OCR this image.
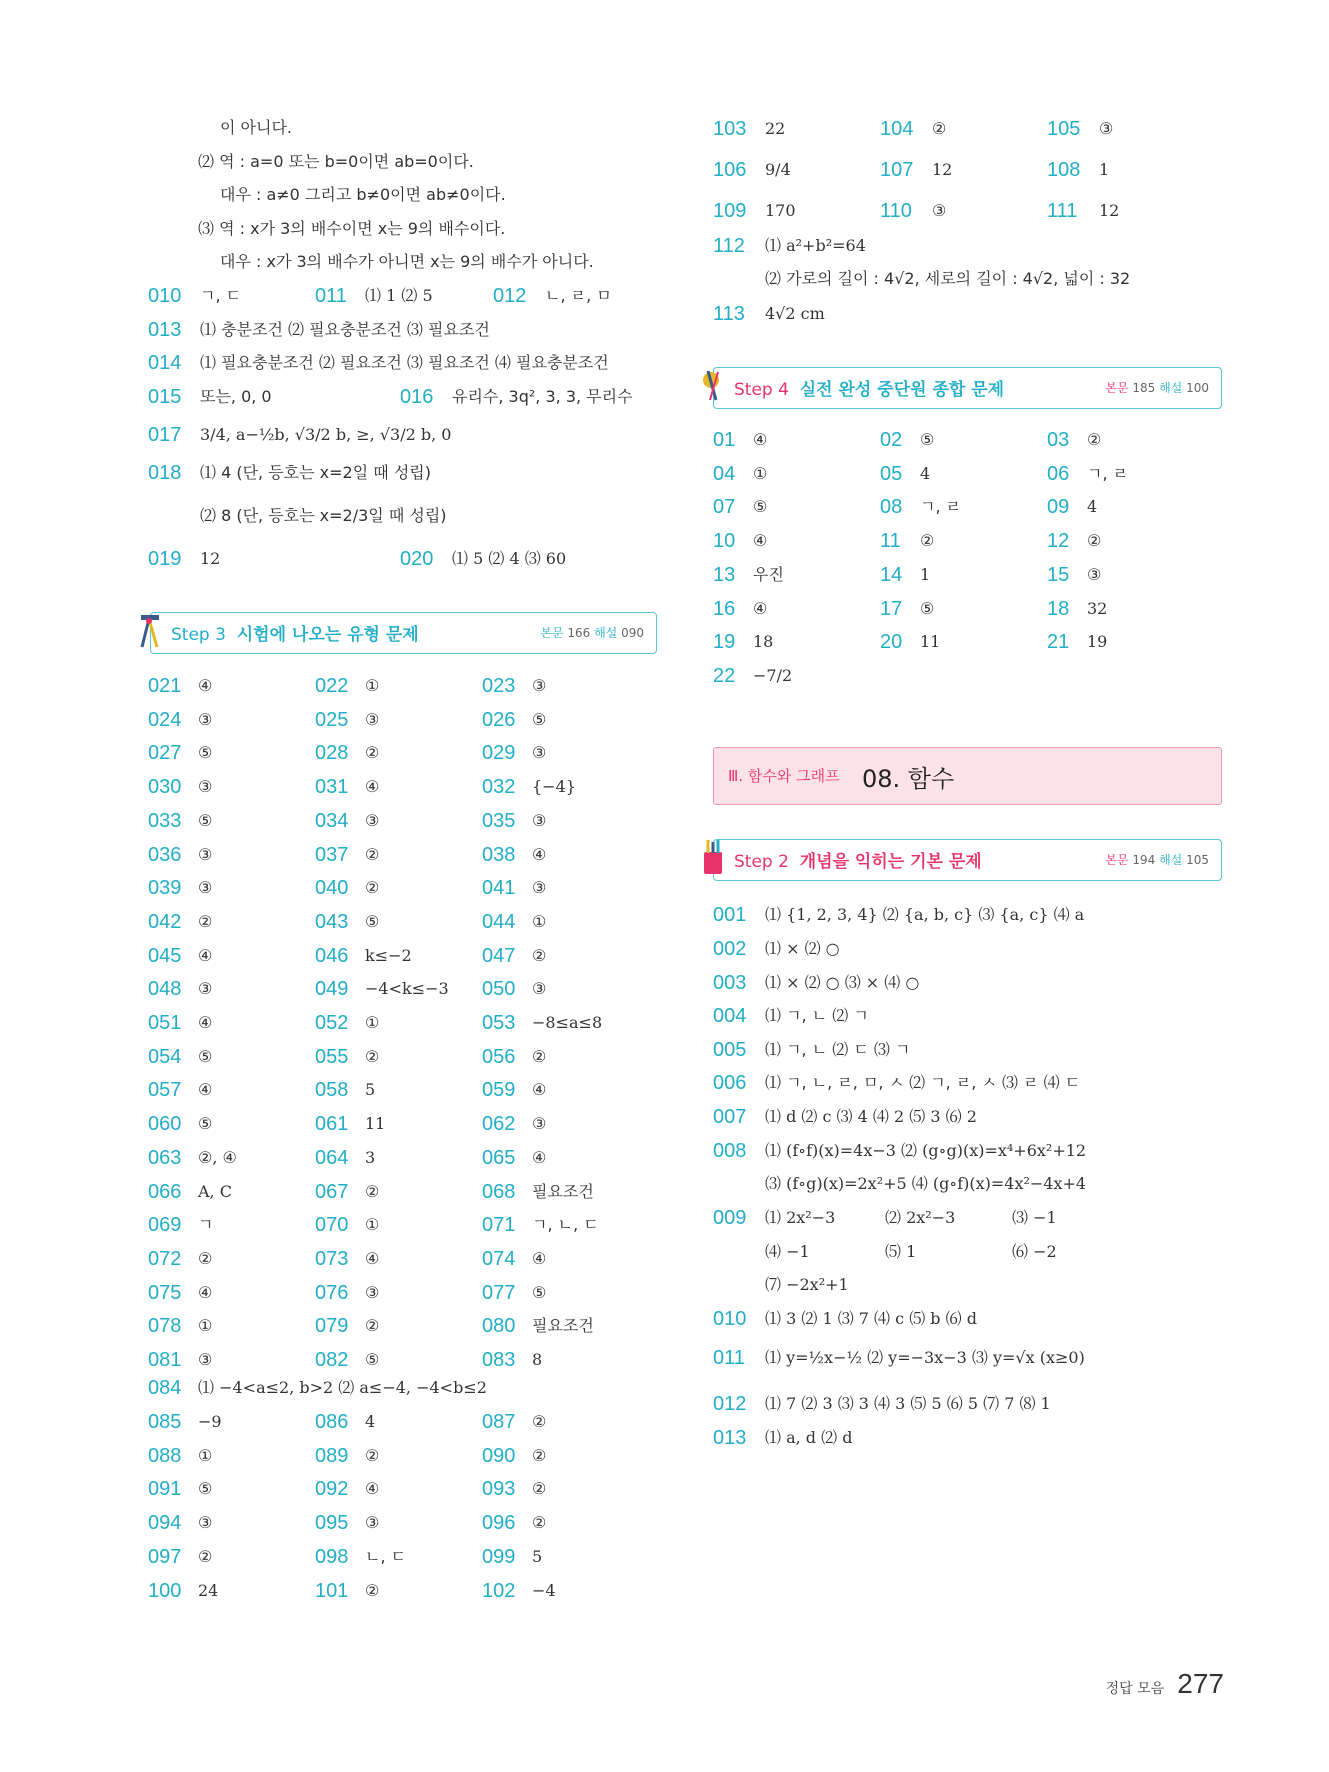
이 아니다.
⑵ 역 : a=0 또는 b=0이면 ab=0이다.
대우 : a≠0 그리고 b≠0이면 ab≠0이다.
⑶ 역 : x가 3의 배수이면 x는 9의 배수이다.
대우 : x가 3의 배수가 아니면 x는 9의 배수가 아니다.
010 ㄱ, ㄷ	011 ⑴ 1 ⑵ 5	012 ㄴ, ㄹ, ㅁ
013 ⑴ 충분조건 ⑵ 필요충분조건 ⑶ 필요조건
014 ⑴ 필요충분조건 ⑵ 필요조건 ⑶ 필요조건 ⑷ 필요충분조건
015 또는, 0, 0	016 유리수, 3q², 3, 3, 무리수
017 3/4, a−½b, √3/2 b, ≥, √3/2 b, 0
018 ⑴ 4 (단, 등호는 x=2일 때 성립)
⑵ 8 (단, 등호는 x=2/3일 때 성립)
019 12	020 ⑴ 5 ⑵ 4 ⑶ 60
Step 3 시험에 나오는 유형 문제	본문 166 해설 090
021 ④	022 ①	023 ③
024 ③	025 ③	026 ⑤
027 ⑤	028 ②	029 ③
030 ③	031 ④	032 {−4}
033 ⑤	034 ③	035 ③
036 ③	037 ②	038 ④
039 ③	040 ②	041 ③
042 ②	043 ⑤	044 ①
045 ④	046 k≤−2	047 ②
048 ③	049 −4<k≤−3 050 ③
051 ④	052 ①	053 −8≤a≤8
054 ⑤	055 ②	056 ②
057 ④	058 5	059 ④
060 ⑤	061 11	062 ③
063 ②, ④	064 3	065 ④
066 A, C	067 ②	068 필요조건
069 ㄱ	070 ①	071 ㄱ, ㄴ, ㄷ
072 ②	073 ④	074 ④
075 ④	076 ③	077 ⑤
078 ①	079 ②	080 필요조건
081 ③	082 ⑤	083 8
084 ⑴ −4<a≤2, b>2 ⑵ a≤−4, −4<b≤2
085 −9	086 4	087 ②
088 ①	089 ②	090 ②
091 ⑤	092 ④	093 ②
094 ③	095 ③	096 ②
097 ②	098 ㄴ, ㄷ	099 5
100 24	101 ②	102 −4
103 22	104 ②	105 ③
106 9/4	107 12	108 1
109 170	110 ③	111 12
112 ⑴ a²+b²=64
⑵ 가로의 길이 : 4√2, 세로의 길이 : 4√2, 넓이 : 32
113 4√2 cm
Step 4 실전 완성 중단원 종합 문제	본문 185 해설 100
01 ④	02 ⑤	03 ②
04 ①	05 4	06 ㄱ, ㄹ
07 ⑤	08 ㄱ, ㄹ	09 4
10 ④	11 ②	12 ②
13 우진	14 1	15 ③
16 ④	17 ⑤	18 32
19 18	20 11	21 19
22 −7/2
Ⅲ. 함수와 그래프 08. 함수
Step 2 개념을 익히는 기본 문제	본문 194 해설 105
001 ⑴ {1, 2, 3, 4} ⑵ {a, b, c} ⑶ {a, c} ⑷ a
002 ⑴ × ⑵ ○
003 ⑴ × ⑵ ○ ⑶ × ⑷ ○
004 ⑴ ㄱ, ㄴ ⑵ ㄱ
005 ⑴ ㄱ, ㄴ ⑵ ㄷ ⑶ ㄱ
006 ⑴ ㄱ, ㄴ, ㄹ, ㅁ, ㅅ ⑵ ㄱ, ㄹ, ㅅ ⑶ ㄹ ⑷ ㄷ
007 ⑴ d ⑵ c ⑶ 4 ⑷ 2 ⑸ 3 ⑹ 2
008 ⑴ (f∘f)(x)=4x−3 ⑵ (g∘g)(x)=x⁴+6x²+12
⑶ (f∘g)(x)=2x²+5 ⑷ (g∘f)(x)=4x²−4x+4
009 ⑴ 2x²−3	⑵ 2x²−3	⑶ −1
⑷ −1	⑸ 1	⑹ −2
⑺ −2x²+1
010 ⑴ 3 ⑵ 1 ⑶ 7 ⑷ c ⑸ b ⑹ d
011 ⑴ y=½x−½ ⑵ y=−3x−3 ⑶ y=√x (x≥0)
012 ⑴ 7 ⑵ 3 ⑶ 3 ⑷ 3 ⑸ 5 ⑹ 5 ⑺ 7 ⑻ 1
013 ⑴ a, d ⑵ d
정답 모음 277
